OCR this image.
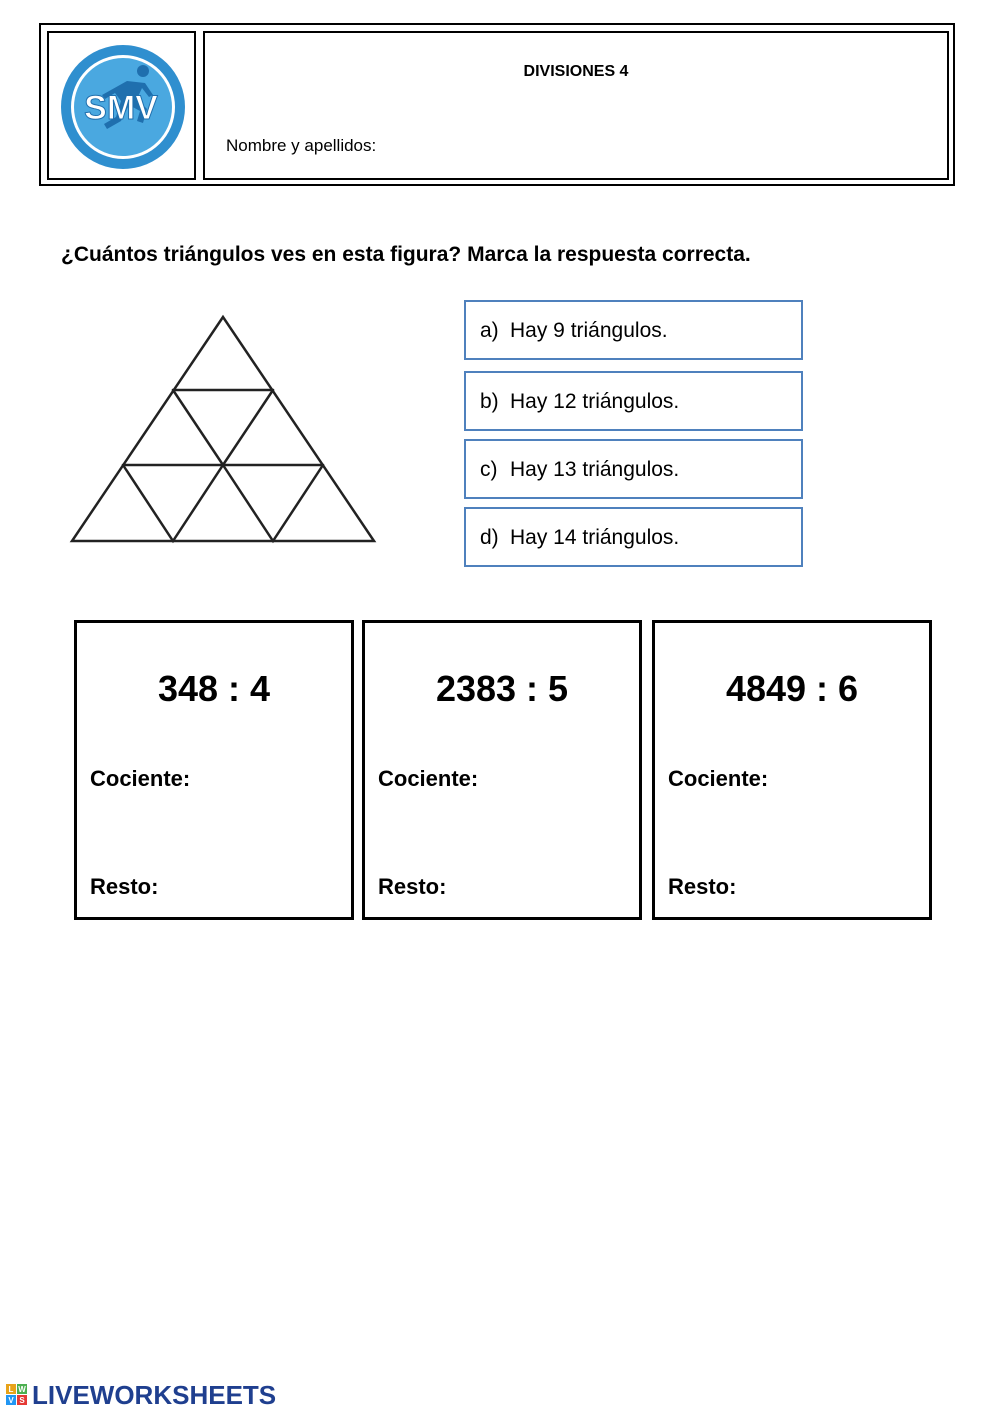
SMV
DIVISIONES 4
Nombre y apellidos:
¿Cuántos triángulos ves en esta figura? Marca la respuesta correcta.
a) Hay 9 triángulos.
b) Hay 12 triángulos.
c) Hay 13 triángulos.
d) Hay 14 triángulos.
348 : 4
Cociente:
Resto:
2383 : 5
Cociente:
Resto:
4849 : 6
Cociente:
Resto:
L W
V S LIVEWORKSHEETS
